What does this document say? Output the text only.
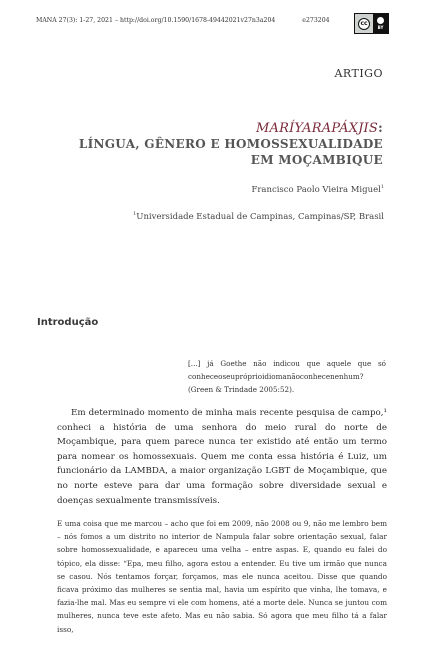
MANA 27(3): 1-27, 2021 – http://doi.org/10.1590/1678-49442021v27n3a204	e273204	cc
BY
ARTIGO
MARÍYARAPÁXJIS:
LÍNGUA, GÊNERO E HOMOSSEXUALIDADE
EM MOÇAMBIQUE
Francisco Paolo Vieira Miguel$^1$
$^1$Universidade Estadual de Campinas, Campinas/SP, Brasil
Introdução

[...] já Goethe não indicou que aquele que só conheceoseupróprioidiomanãoconhecenenhum? (Green & Trindade 2005:52).

Em determinado momento de minha mais recente pesquisa de campo,¹ conheci a história de uma senhora do meio rural do norte de Moçambique, para quem parece nunca ter existido até então um termo para nomear os homossexuais. Quem me conta essa história é Luiz, um funcionário da LAMBDA, a maior organização LGBT de Moçambique, que no norte esteve para dar uma formação sobre diversidade sexual e doenças sexualmente transmissíveis.

E uma coisa que me marcou – acho que foi em 2009, não 2008 ou 9, não me lembro bem – nós fomos a um distrito no interior de Nampula falar sobre orientação sexual, falar sobre homossexualidade, e apareceu uma velha – entre aspas. E, quando eu falei do tópico, ela disse: “Epa, meu filho, agora estou a entender. Eu tive um irmão que nunca se casou. Nós tentamos forçar, forçamos, mas ele nunca aceitou. Disse que quando ficava próximo das mulheres se sentia mal, havia um espírito que vinha, lhe tomava, e fazia-lhe mal. Mas eu sempre vi ele com homens, até a morte dele. Nunca se juntou com mulheres, nunca teve este afeto. Mas eu não sabia. Só agora que meu filho tá a falar isso,
